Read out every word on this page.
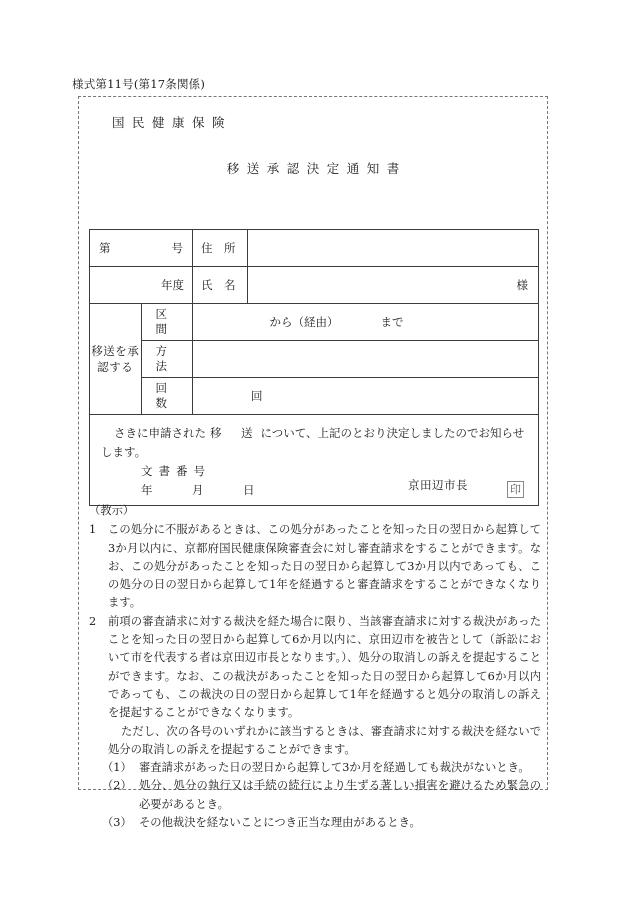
様式第11号(第17条関係)
国民健康保険
移送承認決定通知書
第 号		住　所	

年度		氏　名	様

移送を承認する	区　間	から（経由） まで	

	方　法		

	回　数	回	

さきに申請された 移　送 について、上記のとおり決定しましたのでお知らせ
します。
文書番号
年　月　日	京田辺市長	印
（教示）
1	この処分に不服があるときは、この処分があったことを知った日の翌日から起算して3か月以内に、京都府国民健康保険審査会に対し審査請求をすることができます。なお、この処分があったことを知った日の翌日から起算して3か月以内であっても、この処分の日の翌日から起算して1年を経過すると審査請求をすることができなくなります。
2	前項の審査請求に対する裁決を経た場合に限り、当該審査請求に対する裁決があったことを知った日の翌日から起算して6か月以内に、京田辺市を被告として（訴訟において市を代表する者は京田辺市長となります。）、処分の取消しの訴えを提起することができます。なお、この裁決があったことを知った日の翌日から起算して6か月以内であっても、この裁決の日の翌日から起算して1年を経過すると処分の取消しの訴えを提起することができなくなります。
ただし、次の各号のいずれかに該当するときは、審査請求に対する裁決を経ないで処分の取消しの訴えを提起することができます。
（1） 審査請求があった日の翌日から起算して3か月を経過しても裁決がないとき。
（2） 処分、処分の執行又は手続の続行により生ずる著しい損害を避けるため緊急の必要があるとき。
（3） その他裁決を経ないことにつき正当な理由があるとき。
